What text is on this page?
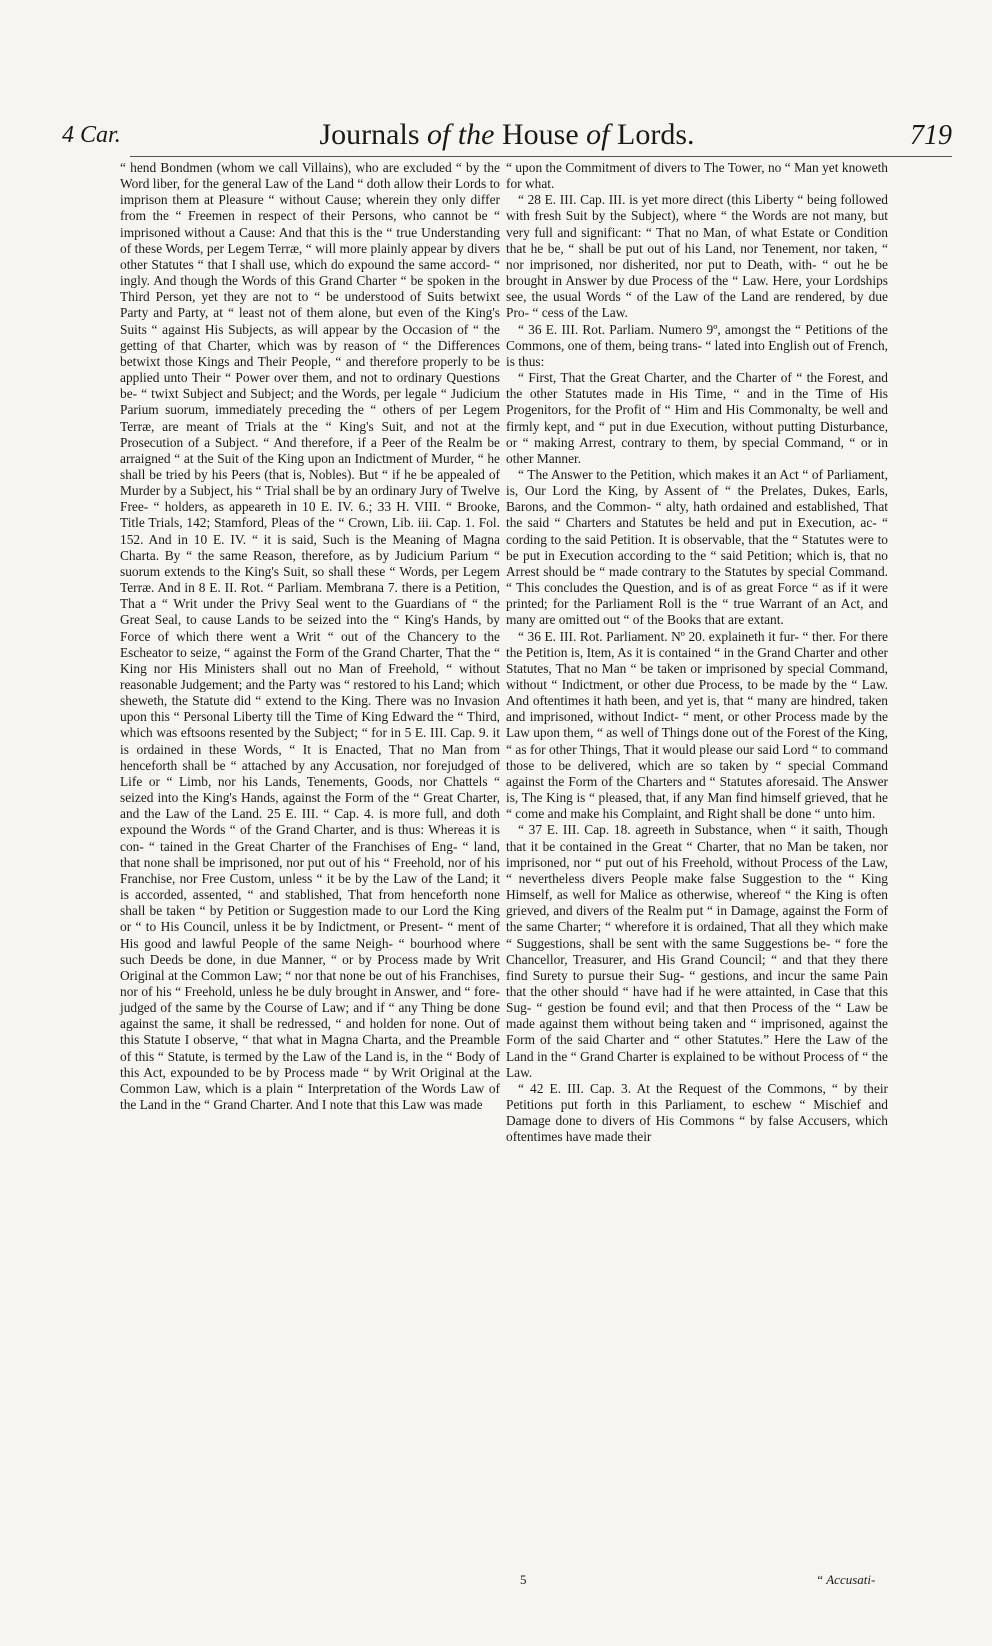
4 Car.	Journals of the House of Lords.	719

“ hend Bondmen (whom we call Villains), who are excluded “ by the Word liber, for the general Law of the Land “ doth allow their Lords to imprison them at Pleasure “ without Cause; wherein they only differ from the “ Freemen in respect of their Persons, who cannot be “ imprisoned without a Cause: And that this is the “ true Understanding of these Words, per Legem Terræ, “ will more plainly appear by divers other Statutes “ that I shall use, which do expound the same accord- “ ingly. And though the Words of this Grand Charter “ be spoken in the Third Person, yet they are not to “ be understood of Suits betwixt Party and Party, at “ least not of them alone, but even of the King's Suits “ against His Subjects, as will appear by the Occasion of “ the getting of that Charter, which was by reason of “ the Differences betwixt those Kings and Their People, “ and therefore properly to be applied unto Their “ Power over them, and not to ordinary Questions be- “ twixt Subject and Subject; and the Words, per legale “ Judicium Parium suorum, immediately preceding the “ others of per Legem Terræ, are meant of Trials at the “ King's Suit, and not at the Prosecution of a Subject. “ And therefore, if a Peer of the Realm be arraigned “ at the Suit of the King upon an Indictment of Murder, “ he shall be tried by his Peers (that is, Nobles). But “ if he be appealed of Murder by a Subject, his “ Trial shall be by an ordinary Jury of Twelve Free- “ holders, as appeareth in 10 E. IV. 6.; 33 H. VIII. “ Brooke, Title Trials, 142; Stamford, Pleas of the “ Crown, Lib. iii. Cap. 1. Fol. 152. And in 10 E. IV. “ it is said, Such is the Meaning of Magna Charta. By “ the same Reason, therefore, as by Judicium Parium “ suorum extends to the King's Suit, so shall these “ Words, per Legem Terræ. And in 8 E. II. Rot. “ Parliam. Membrana 7. there is a Petition, That a “ Writ under the Privy Seal went to the Guardians of “ the Great Seal, to cause Lands to be seized into the “ King's Hands, by Force of which there went a Writ “ out of the Chancery to the Escheator to seize, “ against the Form of the Grand Charter, That the “ King nor His Ministers shall out no Man of Freehold, “ without reasonable Judgement; and the Party was “ restored to his Land; which sheweth, the Statute did “ extend to the King. There was no Invasion upon this “ Personal Liberty till the Time of King Edward the “ Third, which was eftsoons resented by the Subject; “ for in 5 E. III. Cap. 9. it is ordained in these Words, “ It is Enacted, That no Man from henceforth shall be “ attached by any Accusation, nor forejudged of Life or “ Limb, nor his Lands, Tenements, Goods, nor Chattels “ seized into the King's Hands, against the Form of the “ Great Charter, and the Law of the Land. 25 E. III. “ Cap. 4. is more full, and doth expound the Words “ of the Grand Charter, and is thus: Whereas it is con- “ tained in the Great Charter of the Franchises of Eng- “ land, that none shall be imprisoned, nor put out of his “ Freehold, nor of his Franchise, nor Free Custom, unless “ it be by the Law of the Land; it is accorded, assented, “ and stablished, That from henceforth none shall be taken “ by Petition or Suggestion made to our Lord the King or “ to His Council, unless it be by Indictment, or Present- “ ment of His good and lawful People of the same Neigh- “ bourhood where such Deeds be done, in due Manner, “ or by Process made by Writ Original at the Common Law; “ nor that none be out of his Franchises, nor of his “ Freehold, unless he be duly brought in Answer, and “ fore-judged of the same by the Course of Law; and if “ any Thing be done against the same, it shall be redressed, “ and holden for none. Out of this Statute I observe, “ that what in Magna Charta, and the Preamble of this “ Statute, is termed by the Law of the Land is, in the “ Body of this Act, expounded to be by Process made “ by Writ Original at the Common Law, which is a plain “ Interpretation of the Words Law of the Land in the “ Grand Charter. And I note that this Law was made

“ upon the Commitment of divers to The Tower, no “ Man yet knoweth for what.

“ 28 E. III. Cap. III. is yet more direct (this Liberty “ being followed with fresh Suit by the Subject), where “ the Words are not many, but very full and significant: “ That no Man, of what Estate or Condition that he be, “ shall be put out of his Land, nor Tenement, nor taken, “ nor imprisoned, nor disherited, nor put to Death, with- “ out he be brought in Answer by due Process of the “ Law. Here, your Lordships see, the usual Words “ of the Law of the Land are rendered, by due Pro- “ cess of the Law.

“ 36 E. III. Rot. Parliam. Numero 9º, amongst the “ Petitions of the Commons, one of them, being trans- “ lated into English out of French, is thus:

“ First, That the Great Charter, and the Charter of “ the Forest, and the other Statutes made in His Time, “ and in the Time of His Progenitors, for the Profit of “ Him and His Commonalty, be well and firmly kept, and “ put in due Execution, without putting Disturbance, or “ making Arrest, contrary to them, by special Command, “ or in other Manner.

“ The Answer to the Petition, which makes it an Act “ of Parliament, is, Our Lord the King, by Assent of “ the Prelates, Dukes, Earls, Barons, and the Common- “ alty, hath ordained and established, That the said “ Charters and Statutes be held and put in Execution, ac- “ cording to the said Petition. It is observable, that the “ Statutes were to be put in Execution according to the “ said Petition; which is, that no Arrest should be “ made contrary to the Statutes by special Command. “ This concludes the Question, and is of as great Force “ as if it were printed; for the Parliament Roll is the “ true Warrant of an Act, and many are omitted out “ of the Books that are extant.

“ 36 E. III. Rot. Parliament. Nº 20. explaineth it fur- “ ther. For there the Petition is, Item, As it is contained “ in the Grand Charter and other Statutes, That no Man “ be taken or imprisoned by special Command, without “ Indictment, or other due Process, to be made by the “ Law. And oftentimes it hath been, and yet is, that “ many are hindred, taken and imprisoned, without Indict- “ ment, or other Process made by the Law upon them, “ as well of Things done out of the Forest of the King, “ as for other Things, That it would please our said Lord “ to command those to be delivered, which are so taken by “ special Command against the Form of the Charters and “ Statutes aforesaid. The Answer is, The King is “ pleased, that, if any Man find himself grieved, that he “ come and make his Complaint, and Right shall be done “ unto him.

“ 37 E. III. Cap. 18. agreeth in Substance, when “ it saith, Though that it be contained in the Great “ Charter, that no Man be taken, nor imprisoned, nor “ put out of his Freehold, without Process of the Law, “ nevertheless divers People make false Suggestion to the “ King Himself, as well for Malice as otherwise, whereof “ the King is often grieved, and divers of the Realm put “ in Damage, against the Form of the same Charter; “ wherefore it is ordained, That all they which make “ Suggestions, shall be sent with the same Suggestions be- “ fore the Chancellor, Treasurer, and His Grand Council; “ and that they there find Surety to pursue their Sug- “ gestions, and incur the same Pain that the other should “ have had if he were attainted, in Case that this Sug- “ gestion be found evil; and that then Process of the “ Law be made against them without being taken and “ imprisoned, against the Form of the said Charter and “ other Statutes.” Here the Law of the Land in the “ Grand Charter is explained to be without Process of “ the Law.

“ 42 E. III. Cap. 3. At the Request of the Commons, “ by their Petitions put forth in this Parliament, to eschew “ Mischief and Damage done to divers of His Commons “ by false Accusers, which oftentimes have made their

5	“ Accusati-
